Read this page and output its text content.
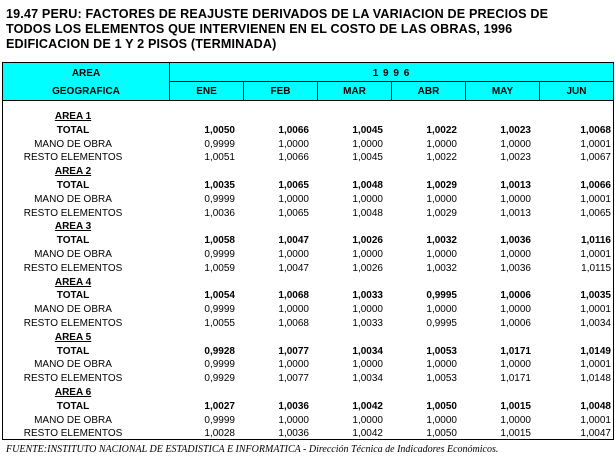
19.47 PERU: FACTORES DE REAJUSTE DERIVADOS DE LA VARIACION DE PRECIOS DE
TODOS LOS ELEMENTOS QUE INTERVIENEN EN EL COSTO DE LAS OBRAS, 1996
EDIFICACION DE 1 Y 2 PISOS (TERMINADA)
AREA
GEOGRAFICA
1 9 9 6
ENE	FEB	MAR	ABR	MAY	JUN
AREA 1
TOTAL	1,0050	1,0066	1,0045	1,0022	1,0023	1,0068
MANO DE OBRA	0,9999	1,0000	1,0000	1,0000	1,0000	1,0001
RESTO ELEMENTOS	1,0051	1,0066	1,0045	1,0022	1,0023	1,0067
AREA 2
TOTAL	1,0035	1,0065	1,0048	1,0029	1,0013	1,0066
MANO DE OBRA	0,9999	1,0000	1,0000	1,0000	1,0000	1,0001
RESTO ELEMENTOS	1,0036	1,0065	1,0048	1,0029	1,0013	1,0065
AREA 3
TOTAL	1,0058	1,0047	1,0026	1,0032	1,0036	1,0116
MANO DE OBRA	0,9999	1,0000	1,0000	1,0000	1,0000	1,0001
RESTO ELEMENTOS	1,0059	1,0047	1,0026	1,0032	1,0036	1,0115
AREA 4
TOTAL	1,0054	1,0068	1,0033	0,9995	1,0006	1,0035
MANO DE OBRA	0,9999	1,0000	1,0000	1,0000	1,0000	1,0001
RESTO ELEMENTOS	1,0055	1,0068	1,0033	0,9995	1,0006	1,0034
AREA 5
TOTAL	0,9928	1,0077	1,0034	1,0053	1,0171	1,0149
MANO DE OBRA	0,9999	1,0000	1,0000	1,0000	1,0000	1,0001
RESTO ELEMENTOS	0,9929	1,0077	1,0034	1,0053	1,0171	1,0148
AREA 6
TOTAL	1,0027	1,0036	1,0042	1,0050	1,0015	1,0048
MANO DE OBRA	0,9999	1,0000	1,0000	1,0000	1,0000	1,0001
RESTO ELEMENTOS	1,0028	1,0036	1,0042	1,0050	1,0015	1,0047
FUENTE:INSTITUTO NACIONAL DE ESTADISTICA E INFORMATICA - Dirección Técnica de Indicadores Económicos.
